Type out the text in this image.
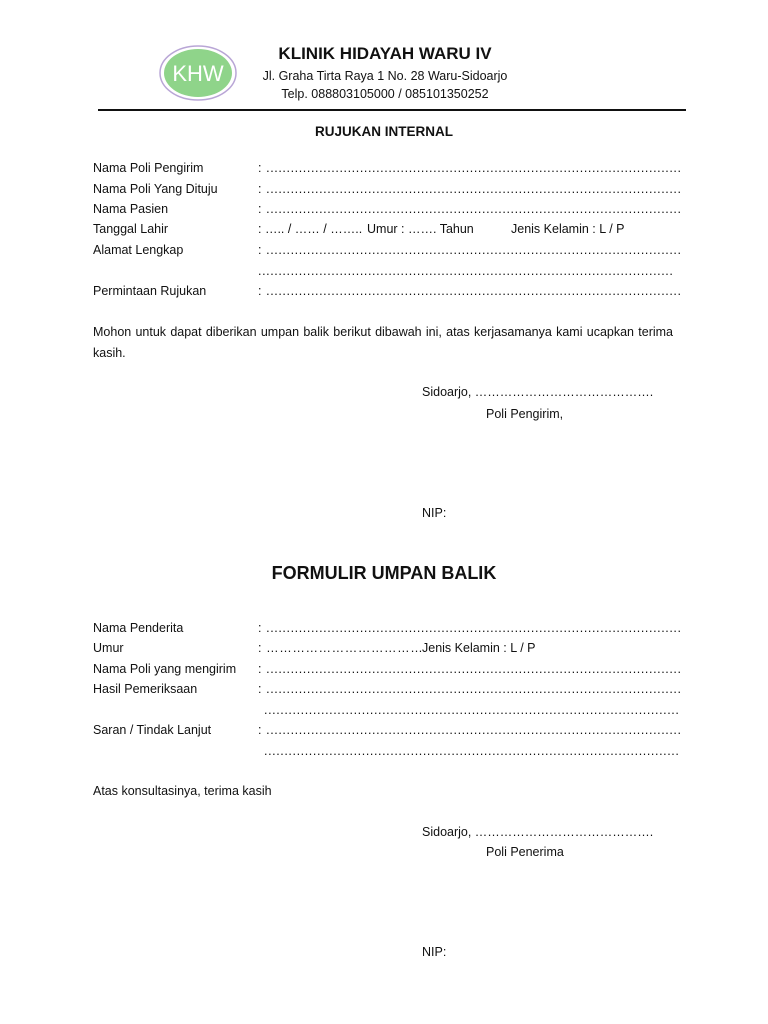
KHW
KLINIK HIDAYAH WARU IV
Jl. Graha Tirta Raya 1 No. 28 Waru-Sidoarjo
Telp. 088803105000 / 085101350252
RUJUKAN INTERNAL
Nama Poli Pengirim	: ......................................................................................................
Nama Poli Yang Dituju	: ......................................................................................................
Nama Pasien	: ......................................................................................................
Tanggal Lahir	: ….. / …… / …….. Umur : ……. Tahun	Jenis Kelamin : L / P
Alamat Lengkap	: ......................................................................................................
......................................................................................................
Permintaan Rujukan	: ......................................................................................................
Mohon untuk dapat diberikan umpan balik berikut dibawah ini, atas kerjasamanya kami ucapkan terima kasih.
Sidoarjo, …………………………………….
Poli Pengirim,
NIP:
FORMULIR UMPAN BALIK
Nama Penderita	: ......................................................................................................
Umur	: ………………………………
Jenis Kelamin : L / P
Nama Poli yang mengirim : ......................................................................................................
Hasil Pemeriksaan	: ......................................................................................................
......................................................................................................
Saran / Tindak Lanjut	: ......................................................................................................
......................................................................................................
Atas konsultasinya, terima kasih
Sidoarjo, …………………………………….
Poli Penerima
NIP:
